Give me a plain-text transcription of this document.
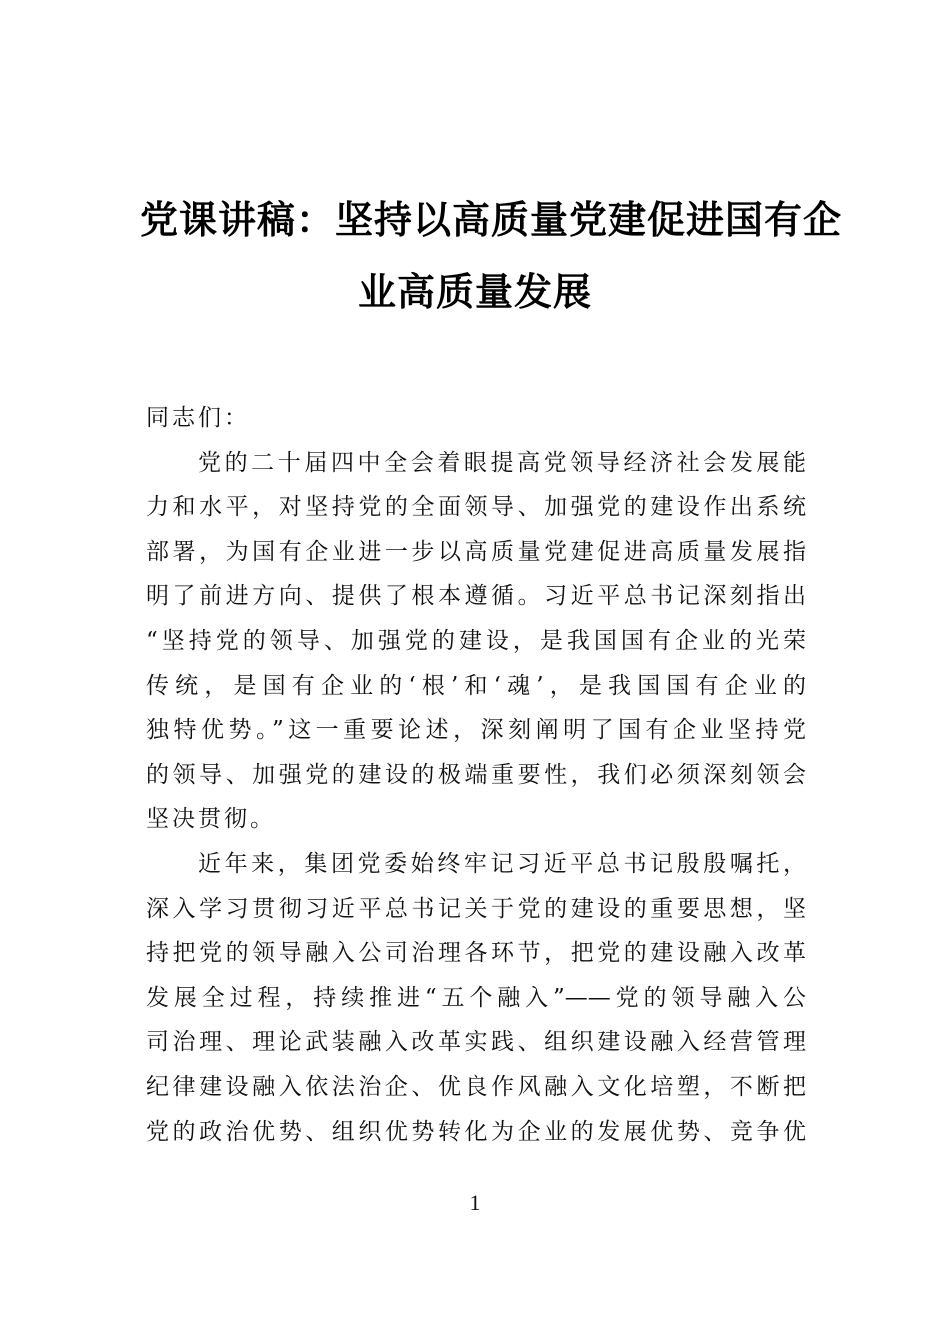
党课讲稿：坚持以高质量党建促进国有企
业高质量发展
同志们：
党的二十届四中全会着眼提高党领导经济社会发展能
力和水平，对坚持党的全面领导、加强党的建设作出系统
部署，为国有企业进一步以高质量党建促进高质量发展指
明了前进方向、提供了根本遵循。习近平总书记深刻指出
“坚持党的领导、加强党的建设，是我国国有企业的光荣
传统，是国有企业的‘根’和‘魂’，是我国国有企业的
独特优势。”这一重要论述，深刻阐明了国有企业坚持党
的领导、加强党的建设的极端重要性，我们必须深刻领会
坚决贯彻。
近年来，集团党委始终牢记习近平总书记殷殷嘱托，
深入学习贯彻习近平总书记关于党的建设的重要思想，坚
持把党的领导融入公司治理各环节，把党的建设融入改革
发展全过程，持续推进“五个融入”——党的领导融入公
司治理、理论武装融入改革实践、组织建设融入经营管理
纪律建设融入依法治企、优良作风融入文化培塑，不断把
党的政治优势、组织优势转化为企业的发展优势、竞争优
1
